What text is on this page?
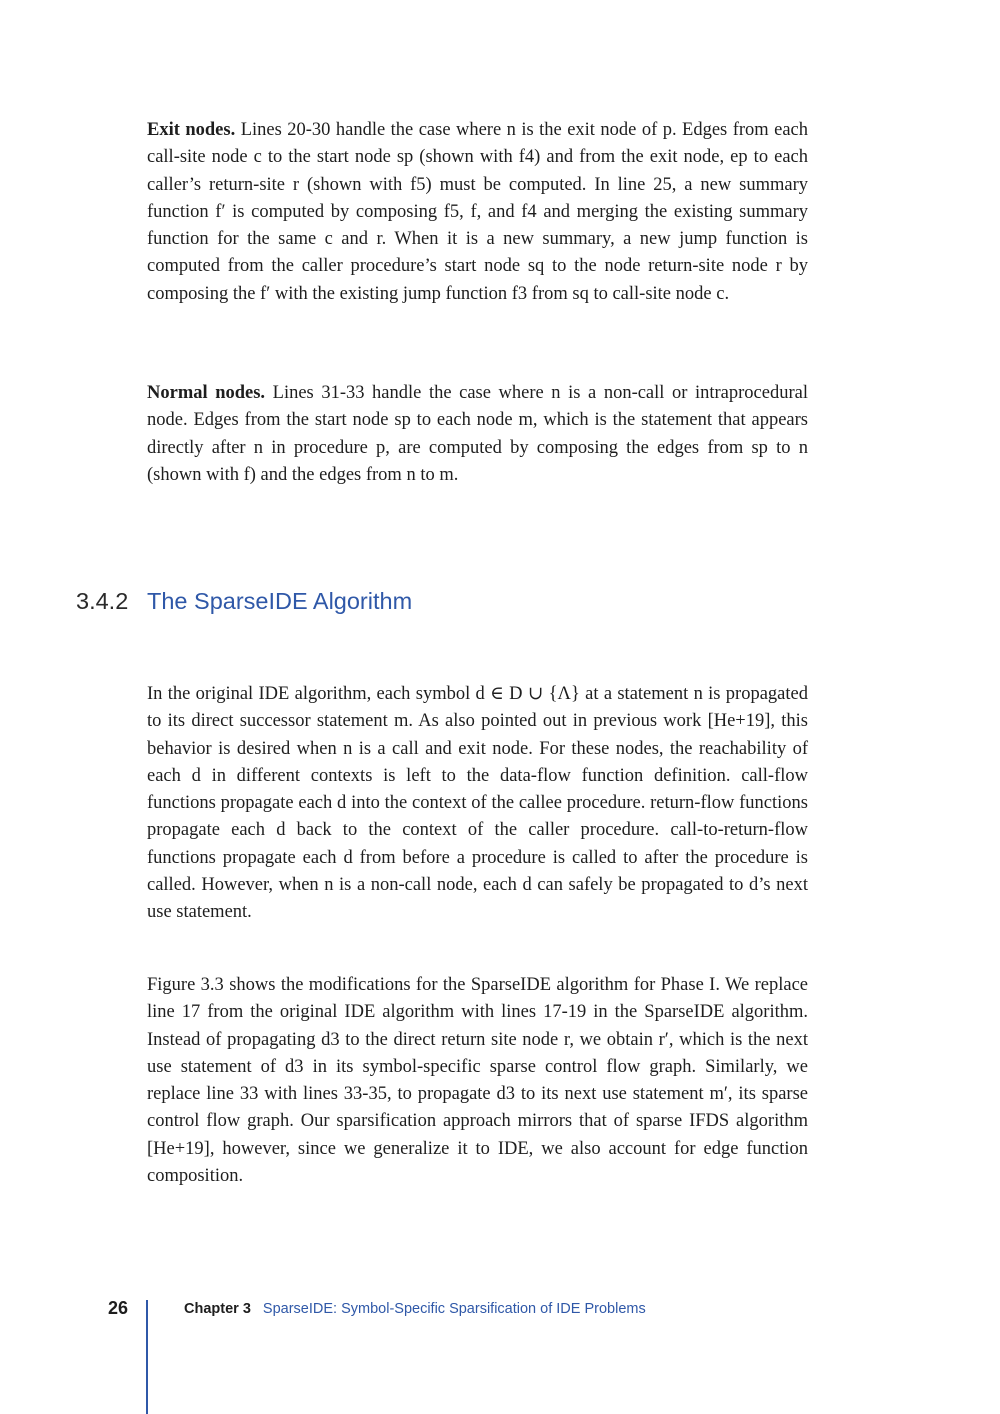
Exit nodes. Lines 20-30 handle the case where n is the exit node of p. Edges from each call-site node c to the start node sp (shown with f4) and from the exit node, ep to each caller’s return-site r (shown with f5) must be computed. In line 25, a new summary function f′ is computed by composing f5, f, and f4 and merging the existing summary function for the same c and r. When it is a new summary, a new jump function is computed from the caller procedure’s start node sq to the node return-site node r by composing the f′ with the existing jump function f3 from sq to call-site node c.

Normal nodes. Lines 31-33 handle the case where n is a non-call or intraprocedural node. Edges from the start node sp to each node m, which is the statement that appears directly after n in procedure p, are computed by composing the edges from sp to n (shown with f) and the edges from n to m.

3.4.2 The SparseIDE Algorithm

In the original IDE algorithm, each symbol d ∈ D ∪ {Λ} at a statement n is propagated to its direct successor statement m. As also pointed out in previous work [He+19], this behavior is desired when n is a call and exit node. For these nodes, the reachability of each d in different contexts is left to the data-flow function definition. call-flow functions propagate each d into the context of the callee procedure. return-flow functions propagate each d back to the context of the caller procedure. call-to-return-flow functions propagate each d from before a procedure is called to after the procedure is called. However, when n is a non-call node, each d can safely be propagated to d’s next use statement.

Figure 3.3 shows the modifications for the SparseIDE algorithm for Phase I. We replace line 17 from the original IDE algorithm with lines 17-19 in the SparseIDE algorithm. Instead of propagating d3 to the direct return site node r, we obtain r′, which is the next use statement of d3 in its symbol-specific sparse control flow graph. Similarly, we replace line 33 with lines 33-35, to propagate d3 to its next use statement m′, its sparse control flow graph. Our sparsification approach mirrors that of sparse IFDS algorithm [He+19], however, since we generalize it to IDE, we also account for edge function composition.

26	Chapter 3 SparseIDE: Symbol-Specific Sparsification of IDE Problems
